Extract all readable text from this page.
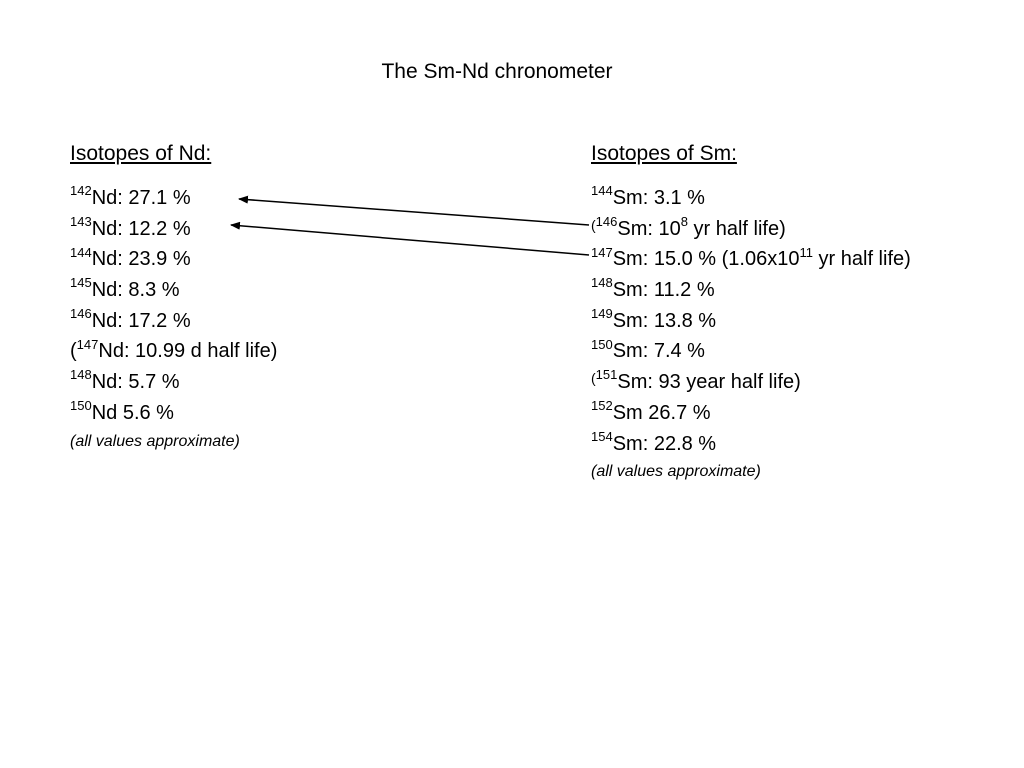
The Sm-Nd chronometer
Isotopes of Nd:
$^{142}$Nd: 27.1 %
$^{143}$Nd: 12.2 %
$^{144}$Nd: 23.9 %
$^{145}$Nd: 8.3 %
$^{146}$Nd: 17.2 %
($^{147}$Nd: 10.99 d half life)
$^{148}$Nd: 5.7 %
$^{150}$Nd 5.6 %
(all values approximate)
Isotopes of Sm:
$^{144}$Sm: 3.1 %
$^{(146}$Sm: $10^8$ yr half life)
$^{147}$Sm: 15.0 % ($1.06x10^{11}$ yr half life)
$^{148}$Sm: 11.2 %
$^{149}$Sm: 13.8 %
$^{150}$Sm: 7.4 %
$^{(151}$Sm: 93 year half life)
$^{152}$Sm 26.7 %
$^{154}$Sm: 22.8 %
(all values approximate)
